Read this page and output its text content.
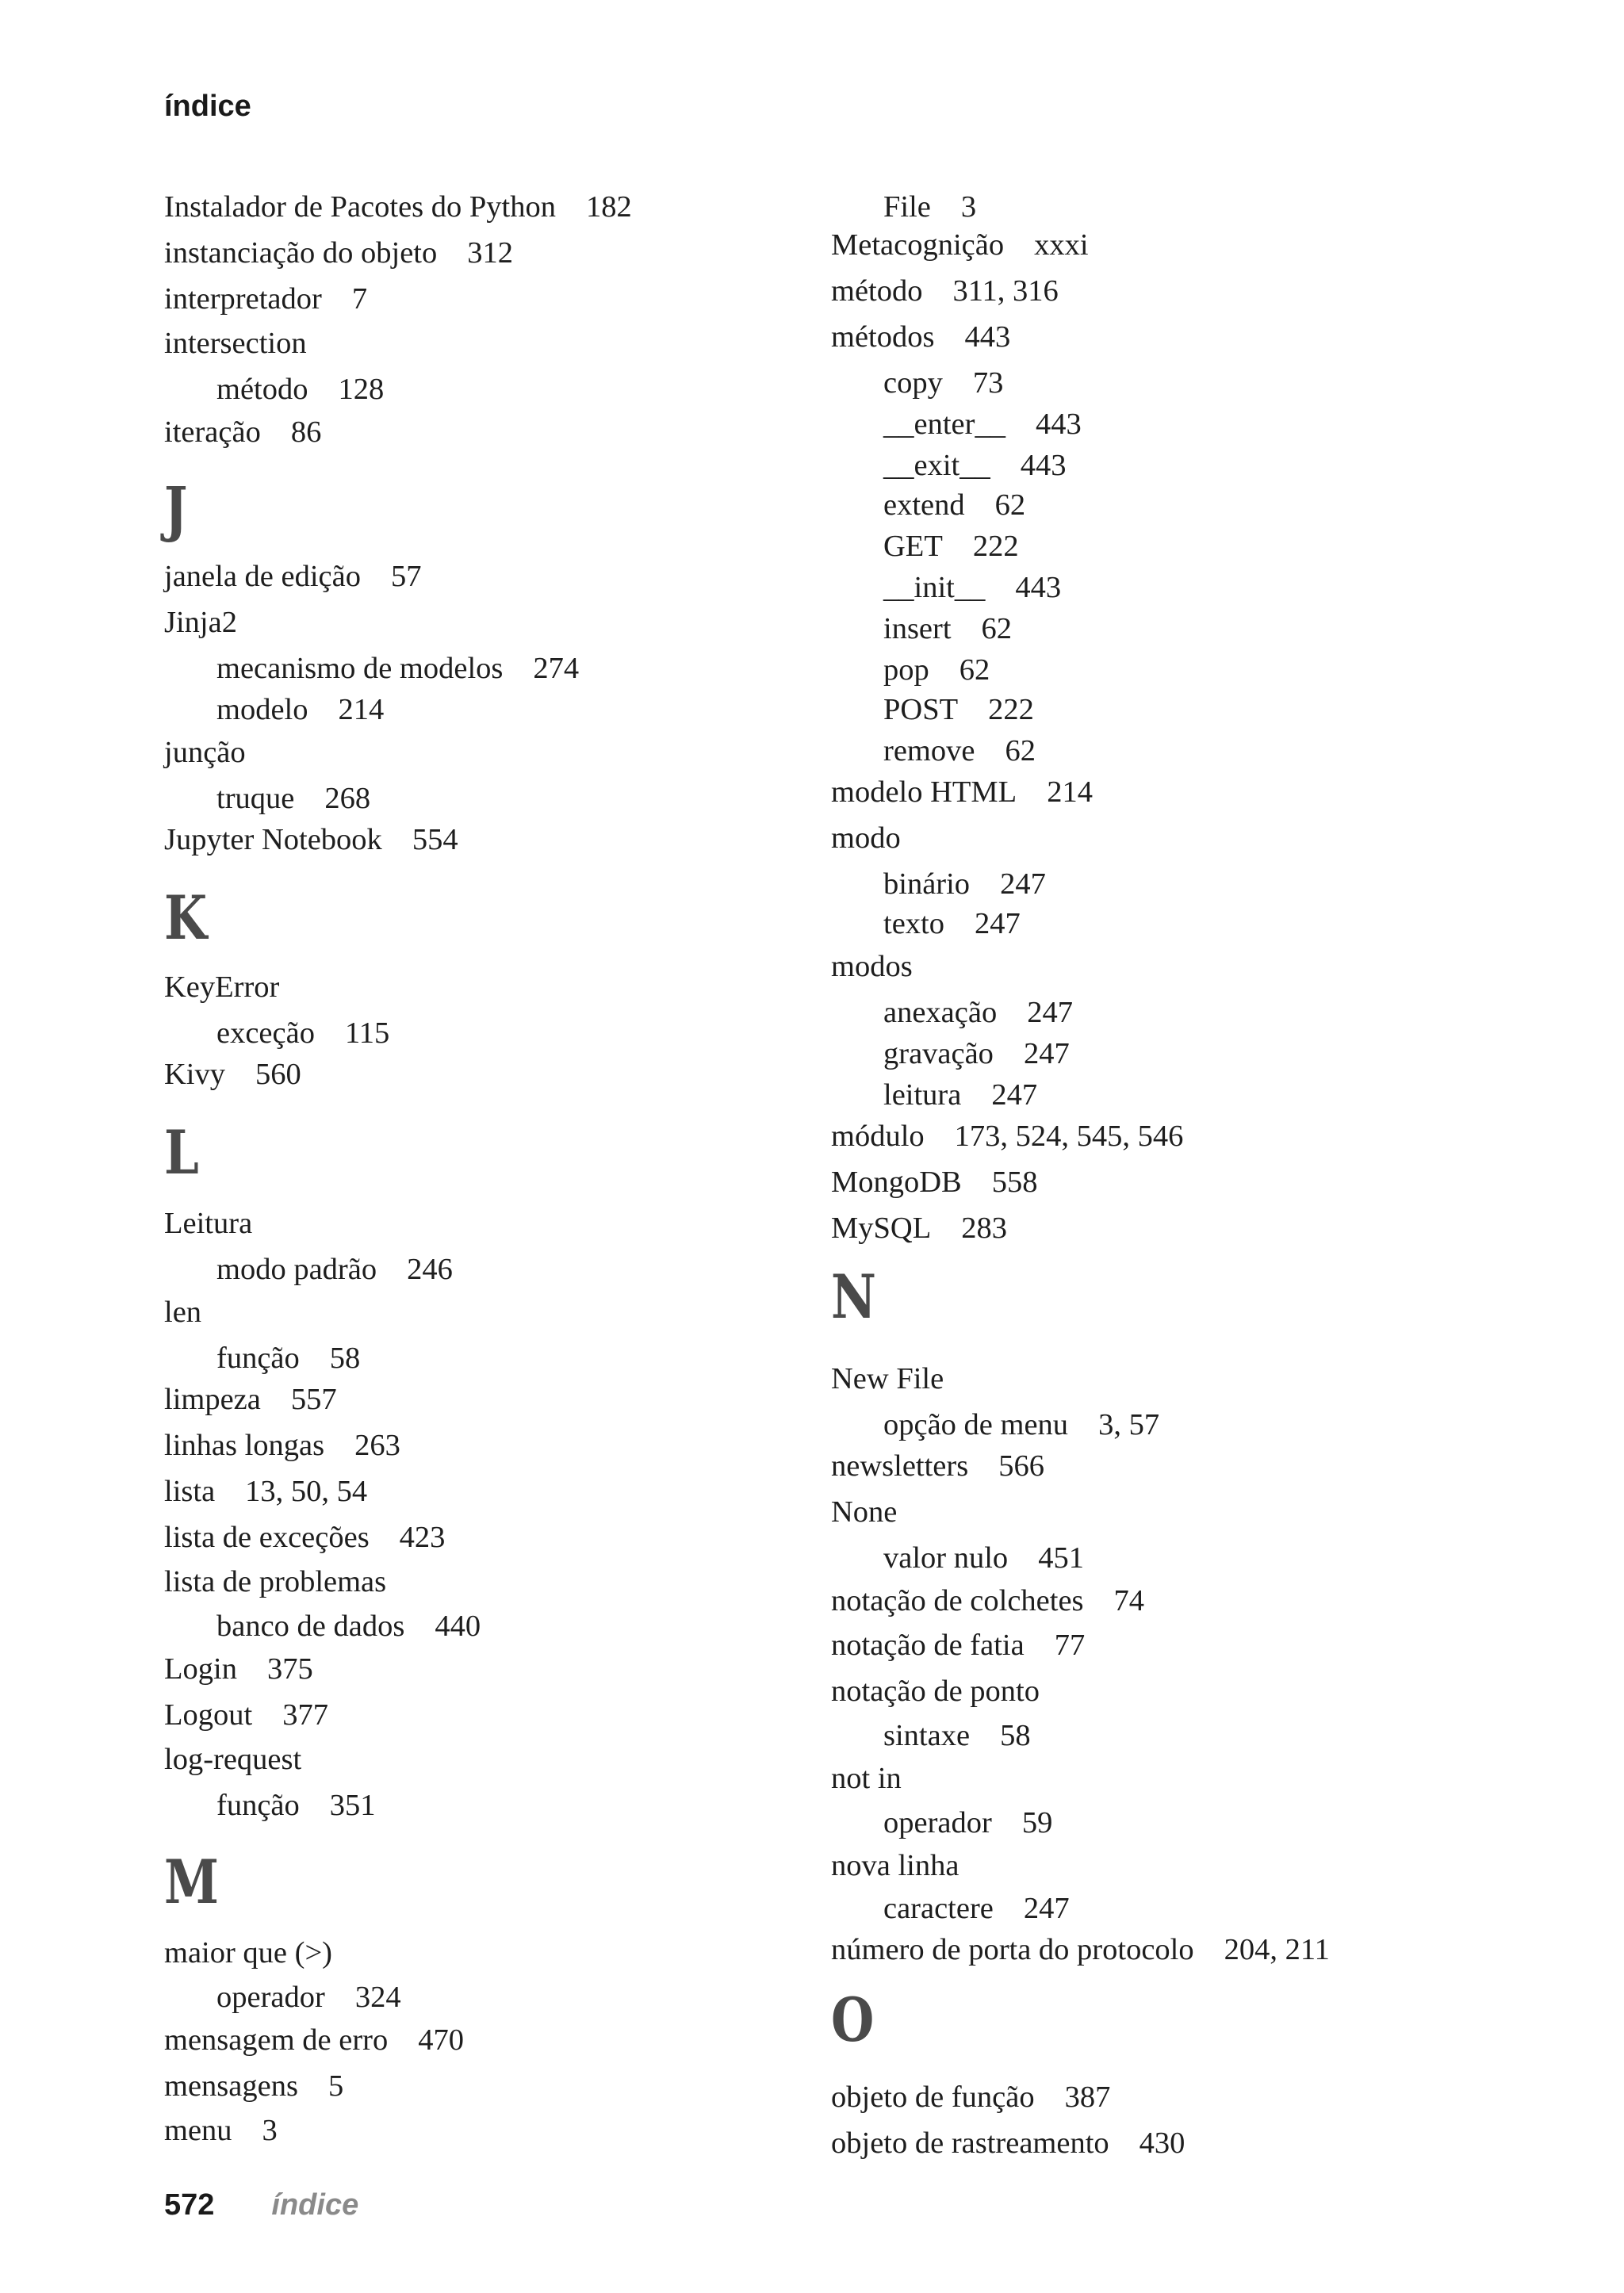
índice
Instalador de Pacotes do Python 182
instanciação do objeto 312
interpretador 7
intersection
método 128
iteração 86
J
janela de edição 57
Jinja2
mecanismo de modelos 274
modelo 214
junção
truque 268
Jupyter Notebook 554
K
KeyError
exceção 115
Kivy 560
L
Leitura
modo padrão 246
len
função 58
limpeza 557
linhas longas 263
lista 13, 50, 54
lista de exceções 423
lista de problemas
banco de dados 440
Login 375
Logout 377
log-request
função 351
M
maior que (>)
operador 324
mensagem de erro 470
mensagens 5
menu 3
File 3
Metacognição xxxi
método 311, 316
métodos 443
copy 73
__enter__ 443
__exit__ 443
extend 62
GET 222
__init__ 443
insert 62
pop 62
POST 222
remove 62
modelo HTML 214
modo
binário 247
texto 247
modos
anexação 247
gravação 247
leitura 247
módulo 173, 524, 545, 546
MongoDB 558
MySQL 283
N
New File
opção de menu 3, 57
newsletters 566
None
valor nulo 451
notação de colchetes 74
notação de fatia 77
notação de ponto
sintaxe 58
not in
operador 59
nova linha
caractere 247
número de porta do protocolo 204, 211
O
objeto de função 387
objeto de rastreamento 430
572 índice
